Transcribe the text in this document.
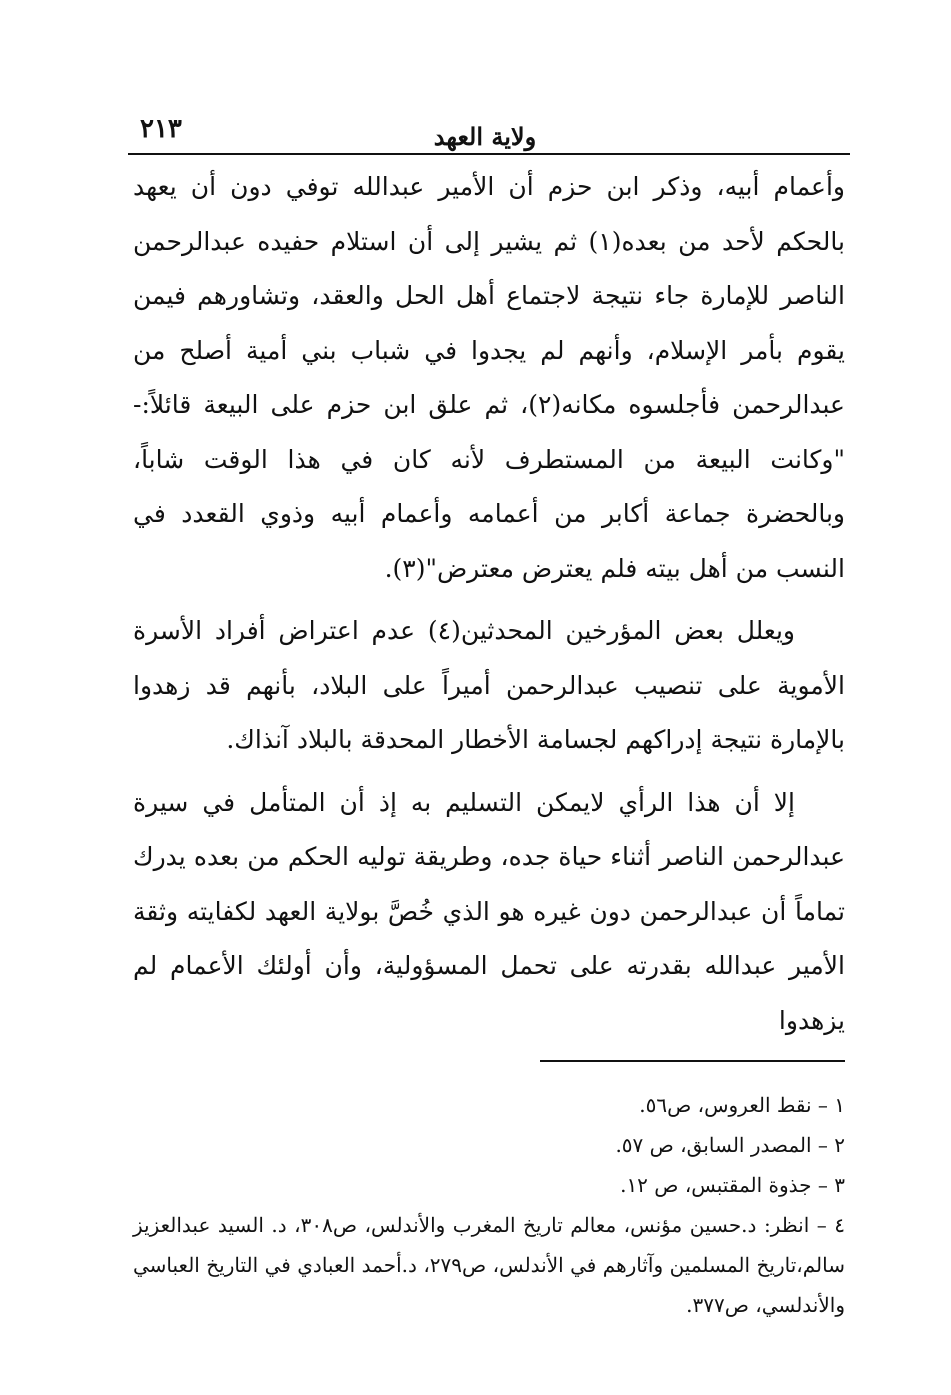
٢١٣	ولاية العهد

وأعمام أبيه، وذكر ابن حزم أن الأمير عبدالله توفي دون أن يعهد بالحكم لأحد من بعده(١) ثم يشير إلى أن استلام حفيده عبدالرحمن الناصر للإمارة جاء نتيجة لاجتماع أهل الحل والعقد، وتشاورهم فيمن يقوم بأمر الإسلام، وأنهم لم يجدوا في شباب بني أمية أصلح من عبدالرحمن فأجلسوه مكانه(٢)، ثم علق ابن حزم على البيعة قائلاً:- "وكانت البيعة من المستطرف لأنه كان في هذا الوقت شاباً، وبالحضرة جماعة أكابر من أعمامه وأعمام أبيه وذوي القعدد في النسب من أهل بيته فلم يعترض معترض"(٣).

ويعلل بعض المؤرخين المحدثين(٤) عدم اعتراض أفراد الأسرة الأموية على تنصيب عبدالرحمن أميراً على البلاد، بأنهم قد زهدوا بالإمارة نتيجة إدراكهم لجسامة الأخطار المحدقة بالبلاد آنذاك.

إلا أن هذا الرأي لايمكن التسليم به إذ أن المتأمل في سيرة عبدالرحمن الناصر أثناء حياة جده، وطريقة توليه الحكم من بعده يدرك تماماً أن عبدالرحمن دون غيره هو الذي خُصَّ بولاية العهد لكفايته وثقة الأمير عبدالله بقدرته على تحمل المسؤولية، وأن أولئك الأعمام لم يزهدوا

١ – نقط العروس، ص٥٦.

٢ – المصدر السابق، ص ٥٧.

٣ – جذوة المقتبس، ص ١٢.

٤ – انظر: د.حسين مؤنس، معالم تاريخ المغرب والأندلس، ص٣٠٨، د. السيد عبدالعزيز سالم،تاريخ المسلمين وآثارهم في الأندلس، ص٢٧٩، د.أحمد العبادي في التاريخ العباسي والأندلسي، ص٣٧٧.
